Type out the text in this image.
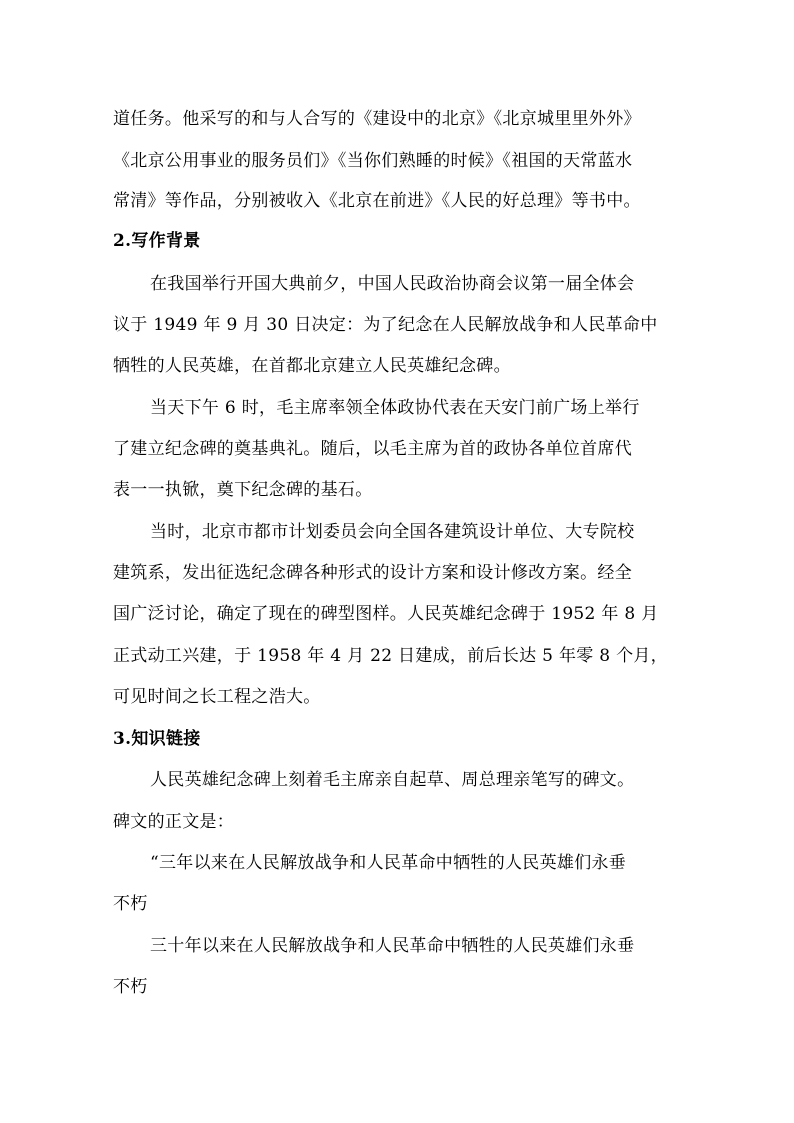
道任务。他采写的和与人合写的《建设中的北京》《北京城里里外外》
《北京公用事业的服务员们》《当你们熟睡的时候》《祖国的天常蓝水
常清》等作品，分别被收入《北京在前进》《人民的好总理》等书中。
2.写作背景
在我国举行开国大典前夕，中国人民政治协商会议第一届全体会
议于 1949 年 9 月 30 日决定：为了纪念在人民解放战争和人民革命中
牺牲的人民英雄，在首都北京建立人民英雄纪念碑。
当天下午 6 时，毛主席率领全体政协代表在天安门前广场上举行
了建立纪念碑的奠基典礼。随后，以毛主席为首的政协各单位首席代
表一一执锨，奠下纪念碑的基石。
当时，北京市都市计划委员会向全国各建筑设计单位、大专院校
建筑系，发出征选纪念碑各种形式的设计方案和设计修改方案。经全
国广泛讨论，确定了现在的碑型图样。人民英雄纪念碑于 1952 年 8 月
正式动工兴建，于 1958 年 4 月 22 日建成，前后长达 5 年零 8 个月，
可见时间之长工程之浩大。
3.知识链接
人民英雄纪念碑上刻着毛主席亲自起草、周总理亲笔写的碑文。
碑文的正文是：
“三年以来在人民解放战争和人民革命中牺牲的人民英雄们永垂
不朽
三十年以来在人民解放战争和人民革命中牺牲的人民英雄们永垂
不朽
